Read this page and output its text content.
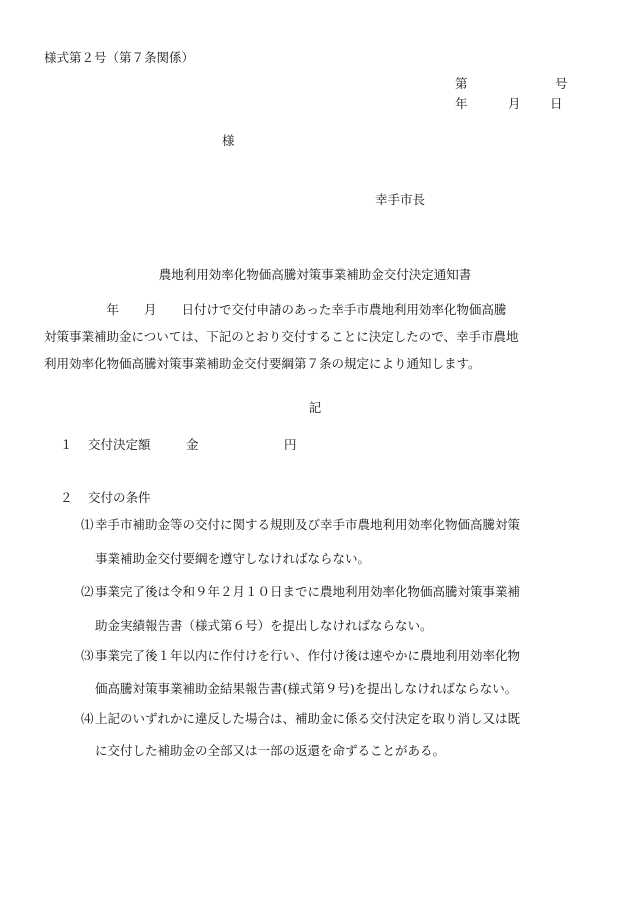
様式第２号（第７条関係）

第	号
年	月 日

様

幸手市長

農地利用効率化物価高騰対策事業補助金交付決定通知書
　　　　　年　　月　　日付けで交付申請のあった幸手市農地利用効率化物価高騰
対策事業補助金については、下記のとおり交付することに決定したので、幸手市農地
利用効率化物価高騰対策事業補助金交付要綱第７条の規定により通知します。

記

１ 交付決定額	金	円
２ 交付の条件
⑴幸手市補助金等の交付に関する規則及び幸手市農地利用効率化物価高騰対策
事業補助金交付要綱を遵守しなければならない。
⑵事業完了後は令和９年２月１０日までに農地利用効率化物価高騰対策事業補
助金実績報告書（様式第６号）を提出しなければならない。
⑶事業完了後１年以内に作付けを行い、作付け後は速やかに農地利用効率化物
価高騰対策事業補助金結果報告書(様式第９号)を提出しなければならない。
⑷上記のいずれかに違反した場合は、補助金に係る交付決定を取り消し又は既
に交付した補助金の全部又は一部の返還を命ずることがある。
